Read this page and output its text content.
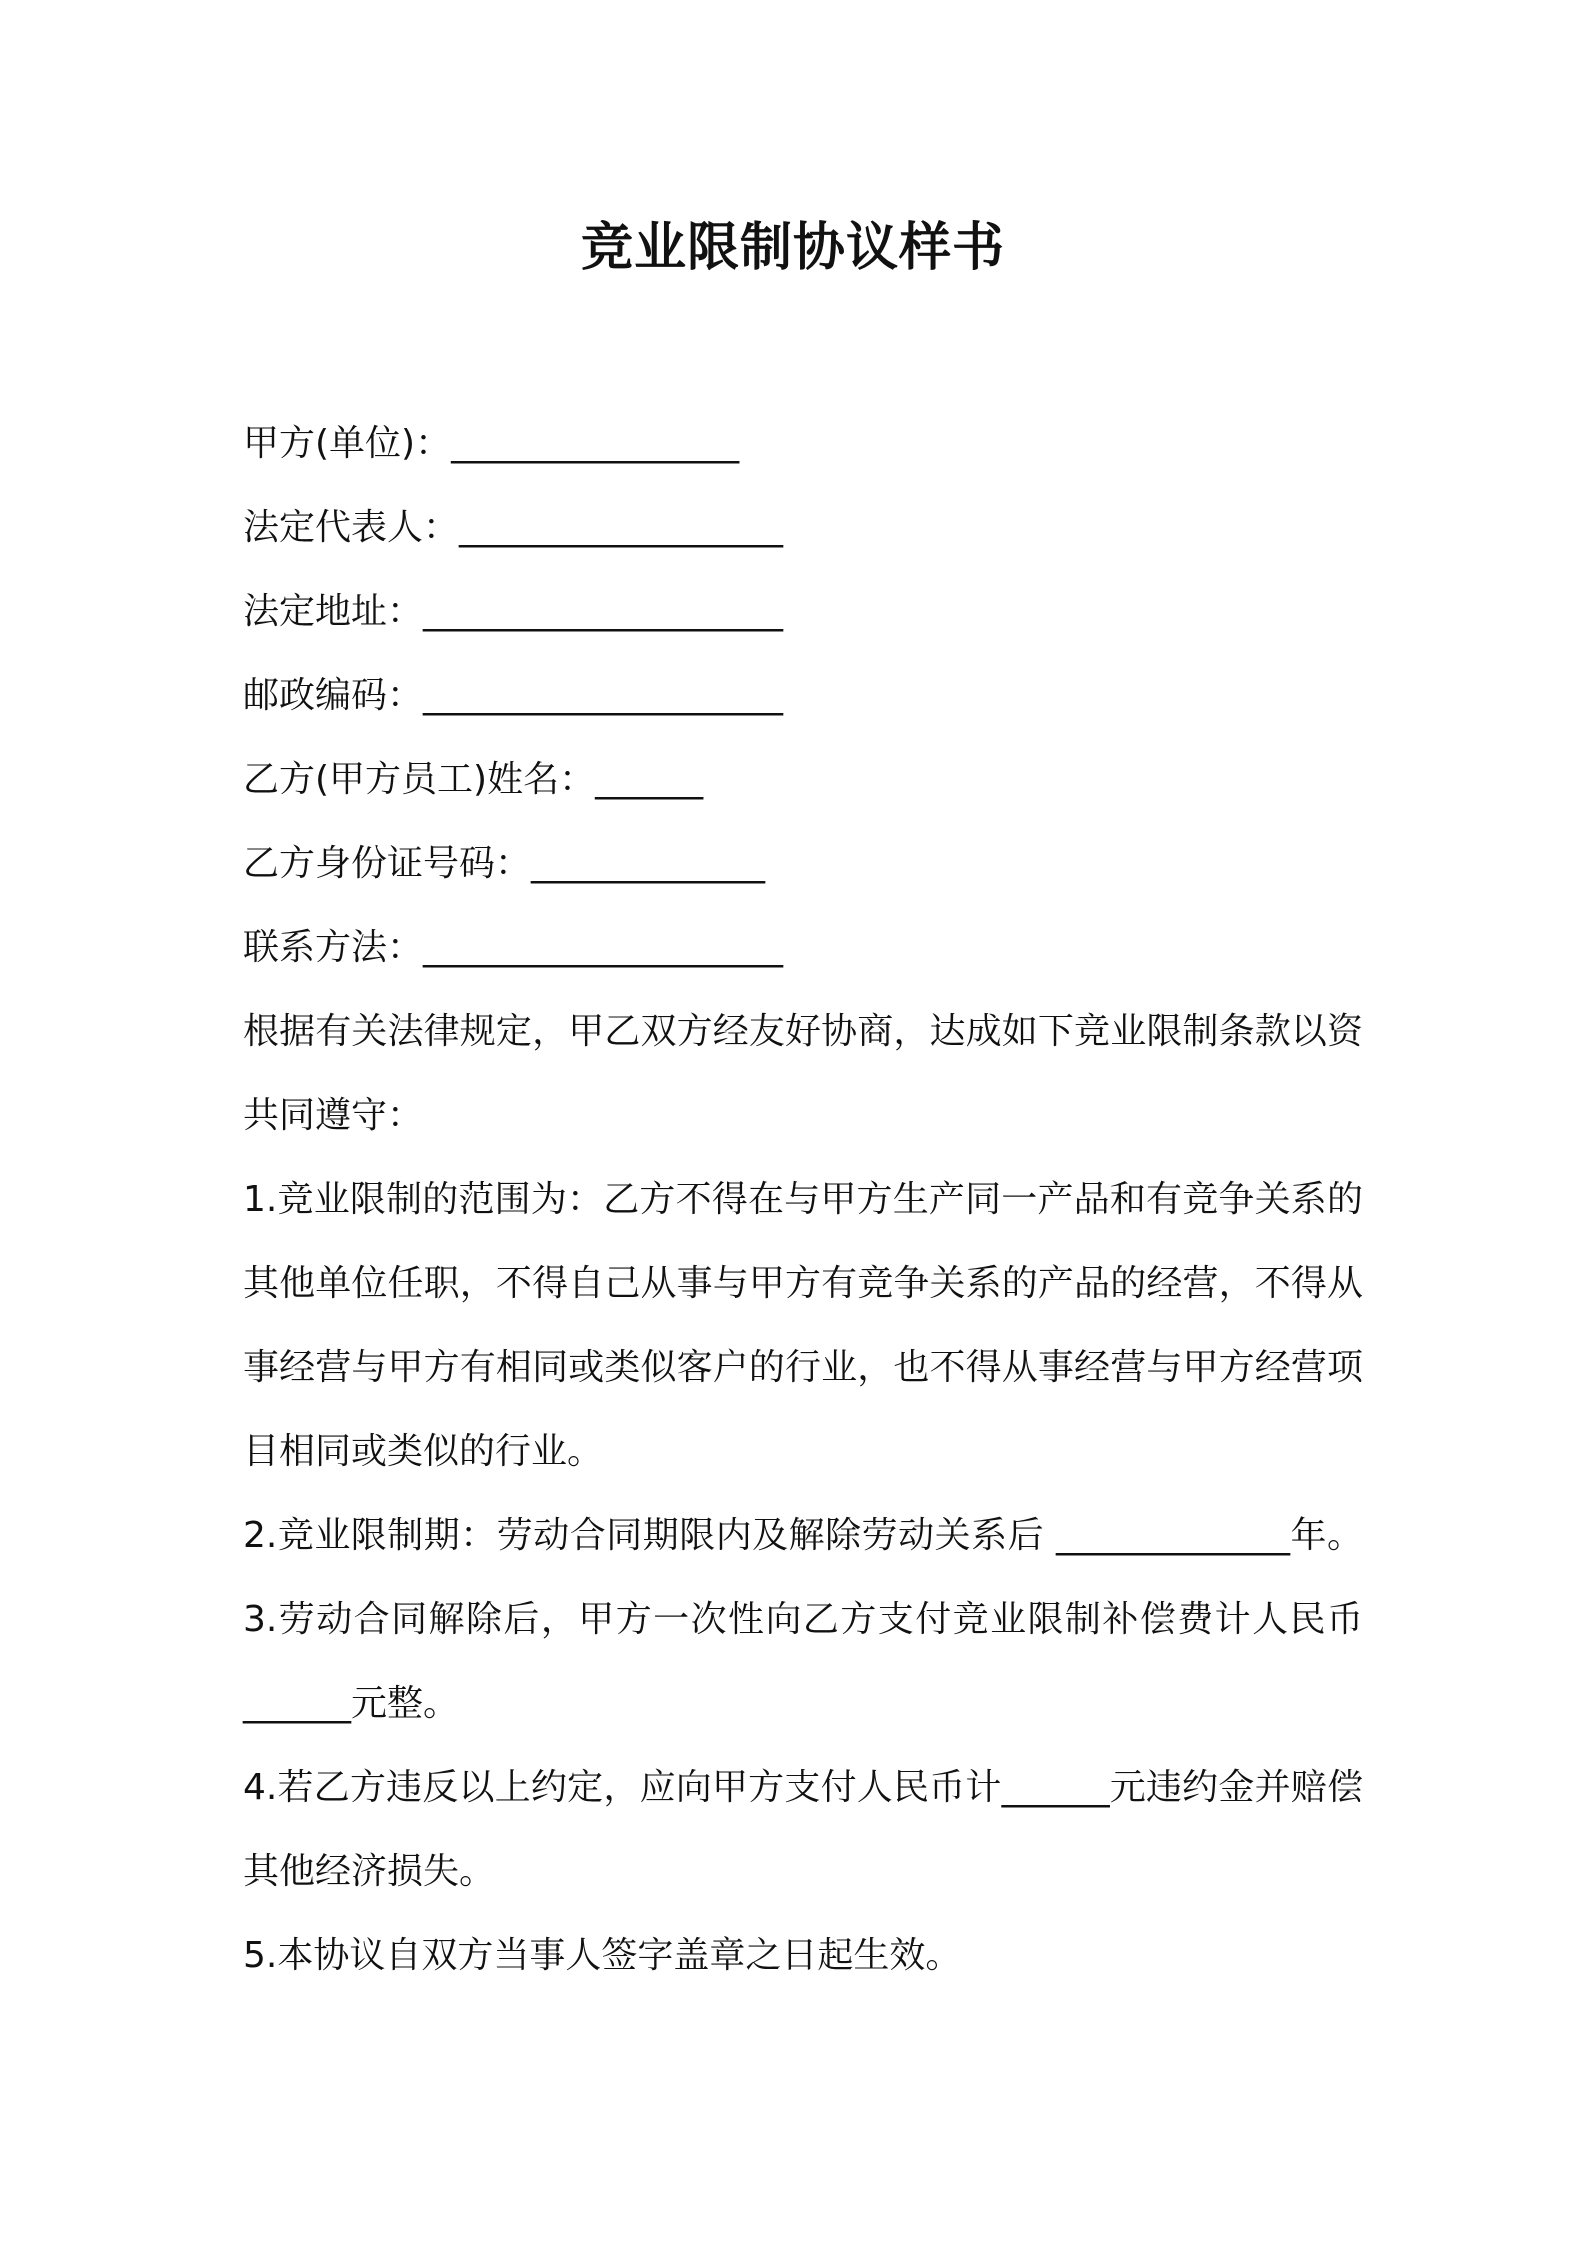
竞业限制协议样书
甲方(单位)：________________
法定代表人：__________________
法定地址：____________________
邮政编码：____________________
乙方(甲方员工)姓名：______
乙方身份证号码：_____________
联系方法：____________________
根据有关法律规定，甲乙双方经友好协商，达成如下竞业限制条款以资共同遵守：
1.竞业限制的范围为：乙方不得在与甲方生产同一产品和有竞争关系的其他单位任职，不得自己从事与甲方有竞争关系的产品的经营，不得从事经营与甲方有相同或类似客户的行业，也不得从事经营与甲方经营项目相同或类似的行业。
2.竞业限制期：劳动合同期限内及解除劳动关系后 _____________年。3.劳动合同解除后，甲方一次性向乙方支付竞业限制补偿费计人民币______元整。
4.若乙方违反以上约定，应向甲方支付人民币计______元违约金并赔偿其他经济损失。
5.本协议自双方当事人签字盖章之日起生效。
